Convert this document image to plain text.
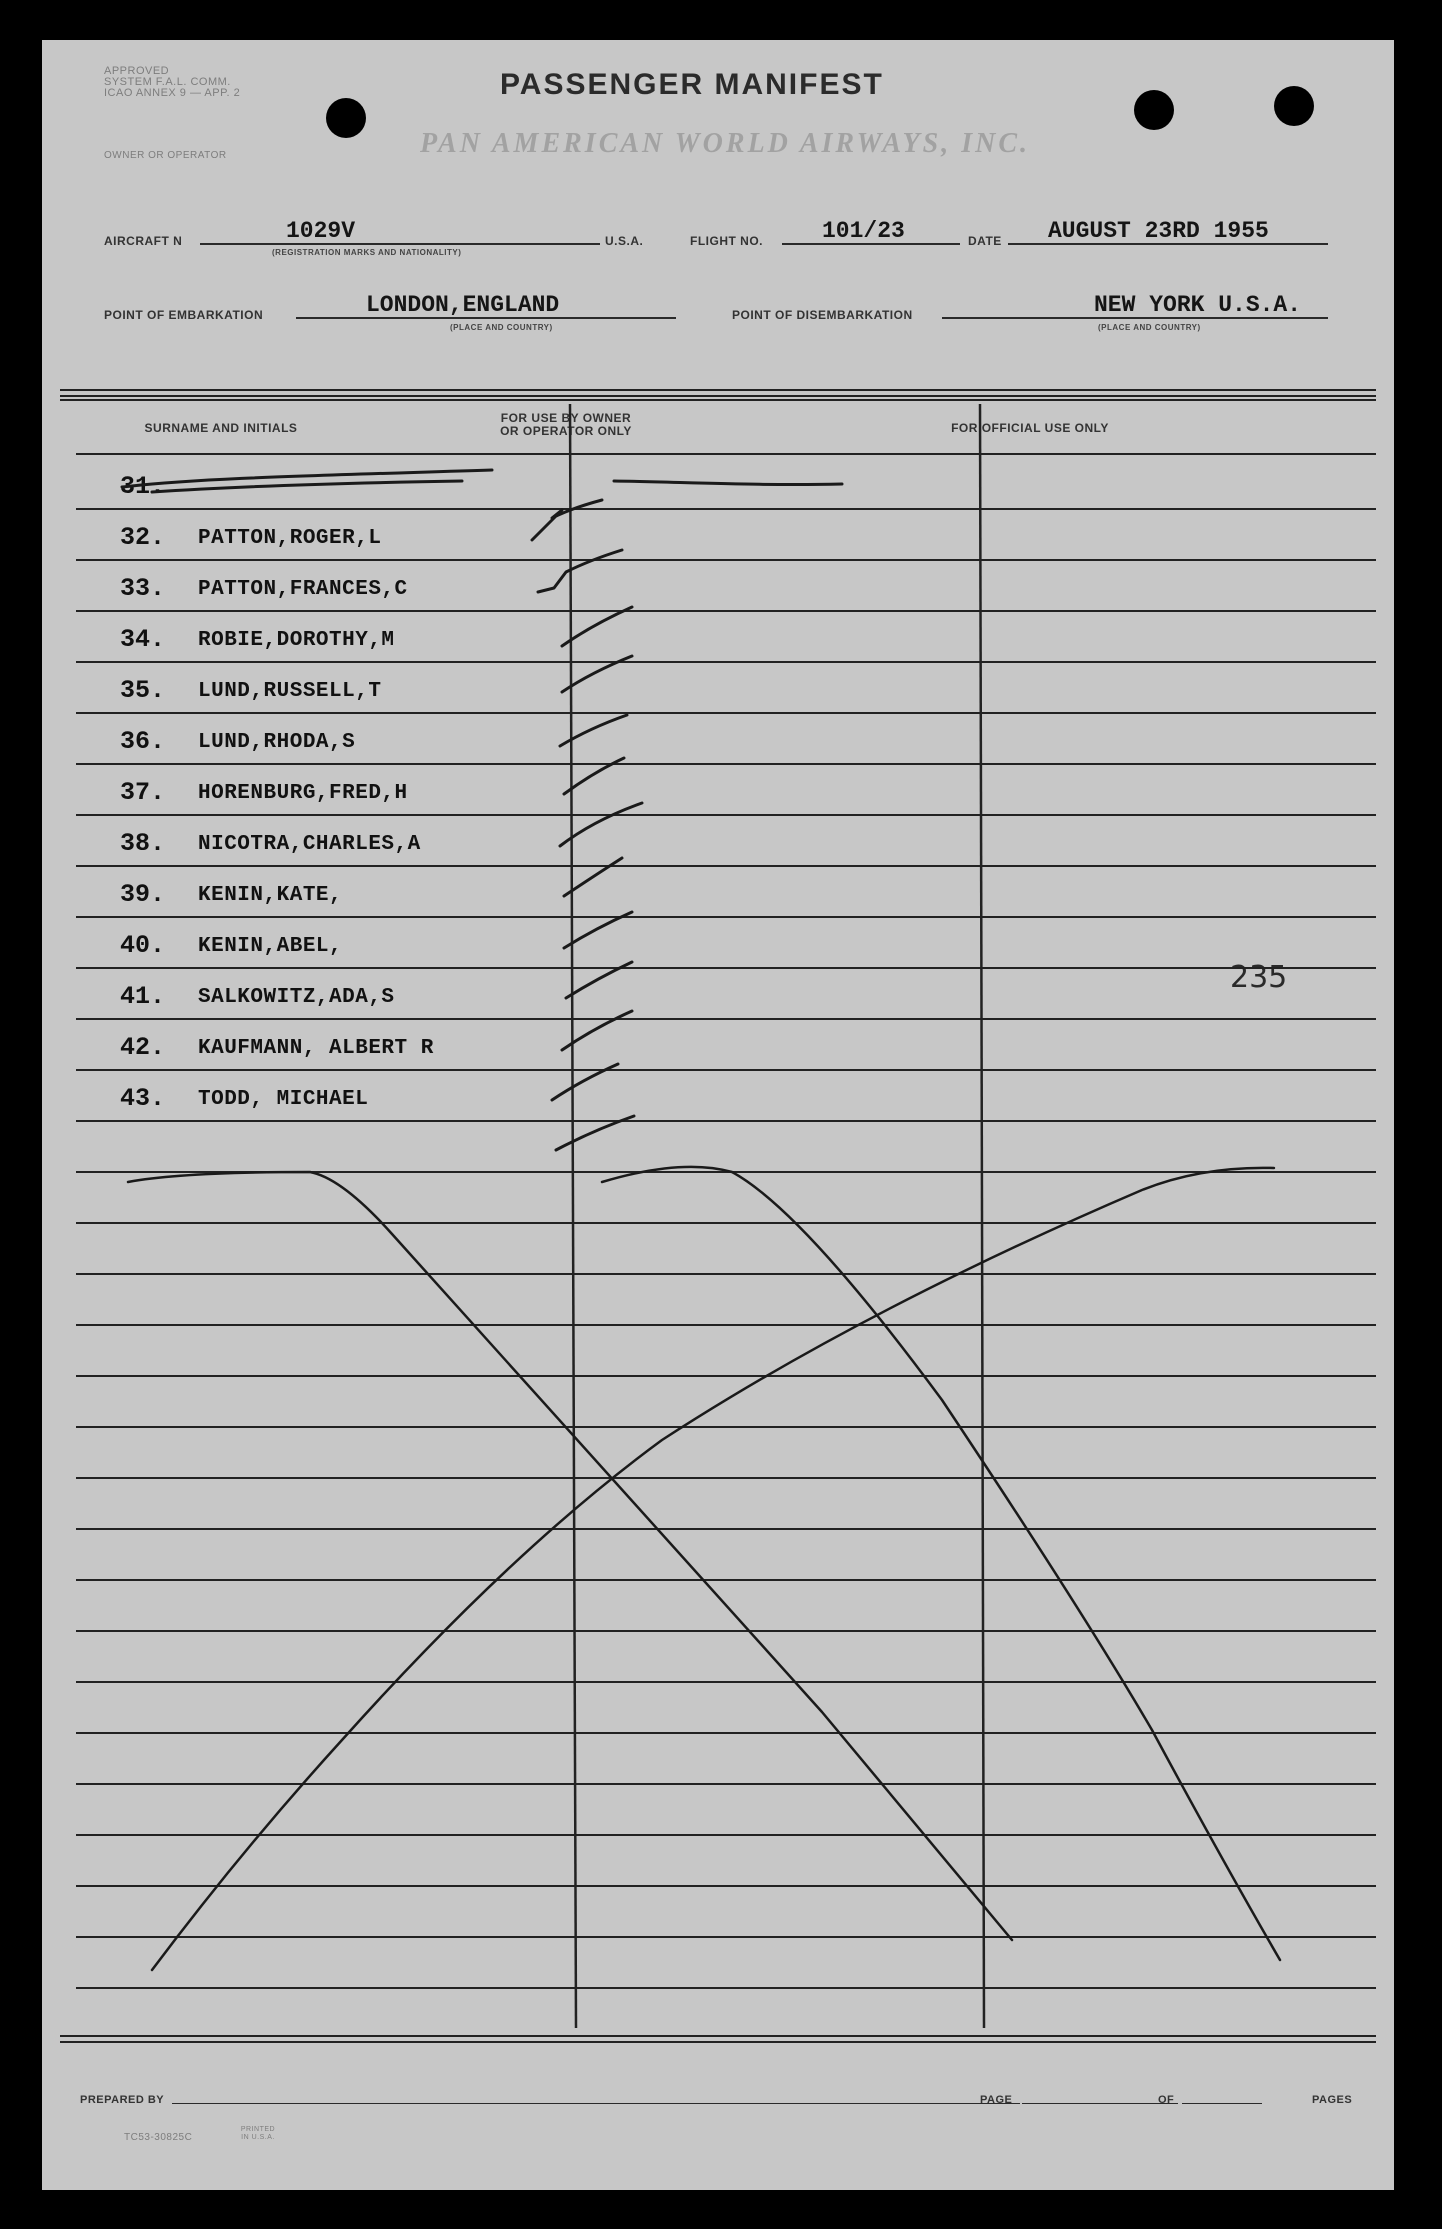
APPROVED
SYSTEM F.A.L. COMM.
ICAO ANNEX 9 — APP. 2
OWNER OR OPERATOR
PASSENGER MANIFEST
PAN AMERICAN WORLD AIRWAYS, INC.
AIRCRAFT N	1029V
(REGISTRATION MARKS AND NATIONALITY)
U.S.A.	FLIGHT NO.	101/23	DATE AUGUST 23RD 1955
POINT OF EMBARKATION	LONDON,ENGLAND
(PLACE AND COUNTRY)
POINT OF DISEMBARKATION	NEW YORK U.S.A.
(PLACE AND COUNTRY)
SURNAME AND INITIALS
FOR USE BY OWNER
OR OPERATOR ONLY	FOR OFFICIAL USE ONLY
31.
32. PATTON,ROGER,L
33. PATTON,FRANCES,C
34. ROBIE,DOROTHY,M
35. LUND,RUSSELL,T
36. LUND,RHODA,S
37. HORENBURG,FRED,H
38. NICOTRA,CHARLES,A
39. KENIN,KATE,
40. KENIN,ABEL,
41. SALKOWITZ,ADA,S
42. KAUFMANN, ALBERT R
43. TODD, MICHAEL
235
PREPARED BY	PAGE	OF	PAGES
TC53-30825C
PRINTED IN U.S.A.
